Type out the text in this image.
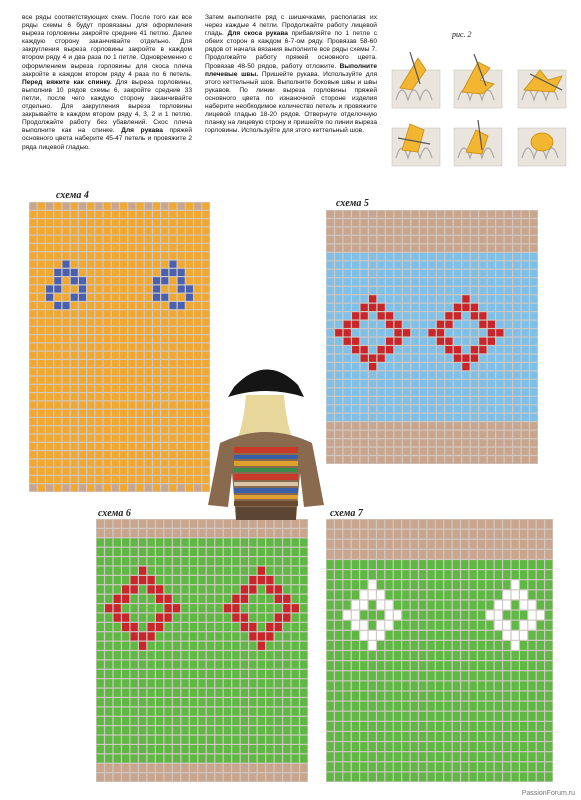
все ряды соответствующих схем. После того как все ряды схемы 6 будут провязаны для оформления выреза горловины закройте средние 41 петлю. Далее каждую сторону заканчивайте отдельно. Для закругления выреза горловины закройте в каждом втором ряду 4 и два раза по 1 петле. Одновременно с оформлением выреза горловины для скоса плеча закройте в каждом втором ряду 4 раза по 6 петель. Перед вяжите как спинку. Для выреза горловины, выполнив 10 рядов схемы 6, закройте средние 33 петли, после чего каждую сторону заканчивайте отдельно. Для закругления выреза горловины закрывайте в каждом втором ряду 4, 3, 2 и 1 петлю. Продолжайте работу без убавлений. Скос плеча выполните как на спинке. Для рукава пряжей основного цвета наберите 45-47 петель и провяжите 2 ряда лицевой гладью.

Затем выполните ряд с шишечками, располагая их через каждые 4 петли. Продолжайте работу лицевой гладь. Для скоса рукава прибавляйте по 1 петле с обеих сторон в каждом 6-7-ом ряду. Провязав 58-60 рядов от начала вязания выполните все ряды схемы 7. Продолжайте работу пряжей основного цвета. Провязав 48-50 рядов, работу отложите. Выполните плечевые швы. Пришейте рукава. Используйте для этого кеттельный шов. Выполните боковые швы и швы рукавов. По линии выреза горловины пряжей основного цвета по изнаночной стороне изделия наберите необходимое количество петель и провяжите лицевой гладью 18-20 рядов. Отвернуте отделочную планку на лицевую строну и пришейте по линии выреза горловины. Используйте для этого кеттельный шов.

рис. 2
схема 4
схема 5
схема 6	схема 7
PassionForum.ru
